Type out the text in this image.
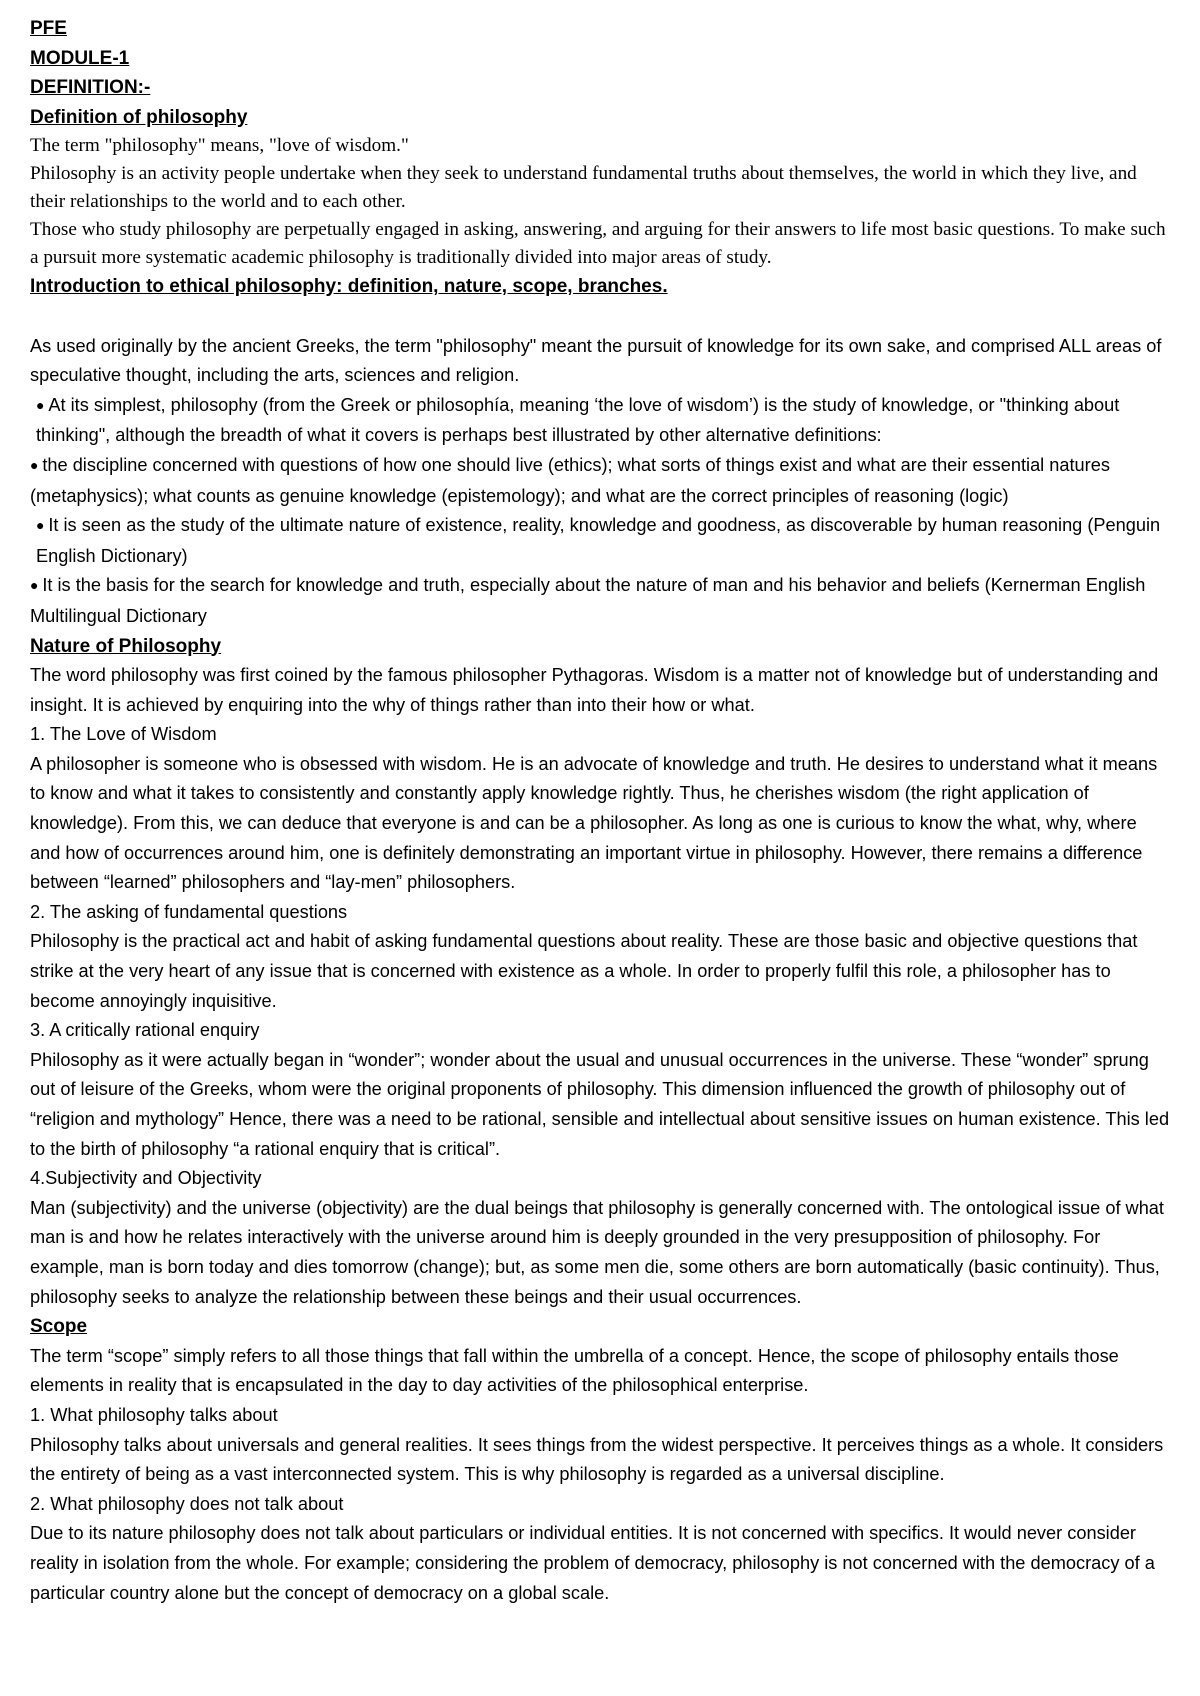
PFE

MODULE-1

DEFINITION:-

Definition of philosophy

The term "philosophy" means, "love of wisdom."

Philosophy is an activity people undertake when they seek to understand fundamental truths about themselves, the world in which they live, and their relationships to the world and to each other.

Those who study philosophy are perpetually engaged in asking, answering, and arguing for their answers to life most basic questions. To make such a pursuit more systematic academic philosophy is traditionally divided into major areas of study.

Introduction to ethical philosophy: definition, nature, scope, branches.

As used originally by the ancient Greeks, the term "philosophy" meant the pursuit of knowledge for its own sake, and comprised ALL areas of speculative thought, including the arts, sciences and religion.

● At its simplest, philosophy (from the Greek or philosophía, meaning ‘the love of wisdom’) is the study of knowledge, or "thinking about thinking", although the breadth of what it covers is perhaps best illustrated by other alternative definitions:

● the discipline concerned with questions of how one should live (ethics); what sorts of things exist and what are their essential natures (metaphysics); what counts as genuine knowledge (epistemology); and what are the correct principles of reasoning (logic)

● It is seen as the study of the ultimate nature of existence, reality, knowledge and goodness, as discoverable by human reasoning (Penguin English Dictionary)

● It is the basis for the search for knowledge and truth, especially about the nature of man and his behavior and beliefs (Kernerman English Multilingual Dictionary

Nature of Philosophy

The word philosophy was first coined by the famous philosopher Pythagoras. Wisdom is a matter not of knowledge but of understanding and insight. It is achieved by enquiring into the why of things rather than into their how or what.

1. The Love of Wisdom

A philosopher is someone who is obsessed with wisdom. He is an advocate of knowledge and truth. He desires to understand what it means to know and what it takes to consistently and constantly apply knowledge rightly. Thus, he cherishes wisdom (the right application of knowledge). From this, we can deduce that everyone is and can be a philosopher. As long as one is curious to know the what, why, where and how of occurrences around him, one is definitely demonstrating an important virtue in philosophy. However, there remains a difference between “learned” philosophers and “lay-men” philosophers.

2. The asking of fundamental questions

Philosophy is the practical act and habit of asking fundamental questions about reality. These are those basic and objective questions that strike at the very heart of any issue that is concerned with existence as a whole. In order to properly fulfil this role, a philosopher has to become annoyingly inquisitive.

3. A critically rational enquiry

Philosophy as it were actually began in “wonder”; wonder about the usual and unusual occurrences in the universe. These “wonder” sprung out of leisure of the Greeks, whom were the original proponents of philosophy. This dimension influenced the growth of philosophy out of “religion and mythology” Hence, there was a need to be rational, sensible and intellectual about sensitive issues on human existence. This led to the birth of philosophy “a rational enquiry that is critical”.

4.Subjectivity and Objectivity

Man (subjectivity) and the universe (objectivity) are the dual beings that philosophy is generally concerned with. The ontological issue of what man is and how he relates interactively with the universe around him is deeply grounded in the very presupposition of philosophy. For example, man is born today and dies tomorrow (change); but, as some men die, some others are born automatically (basic continuity). Thus, philosophy seeks to analyze the relationship between these beings and their usual occurrences.

Scope

The term “scope” simply refers to all those things that fall within the umbrella of a concept. Hence, the scope of philosophy entails those elements in reality that is encapsulated in the day to day activities of the philosophical enterprise.

1. What philosophy talks about

Philosophy talks about universals and general realities. It sees things from the widest perspective. It perceives things as a whole. It considers the entirety of being as a vast interconnected system. This is why philosophy is regarded as a universal discipline.

2. What philosophy does not talk about

Due to its nature philosophy does not talk about particulars or individual entities. It is not concerned with specifics. It would never consider reality in isolation from the whole. For example; considering the problem of democracy, philosophy is not concerned with the democracy of a particular country alone but the concept of democracy on a global scale.
